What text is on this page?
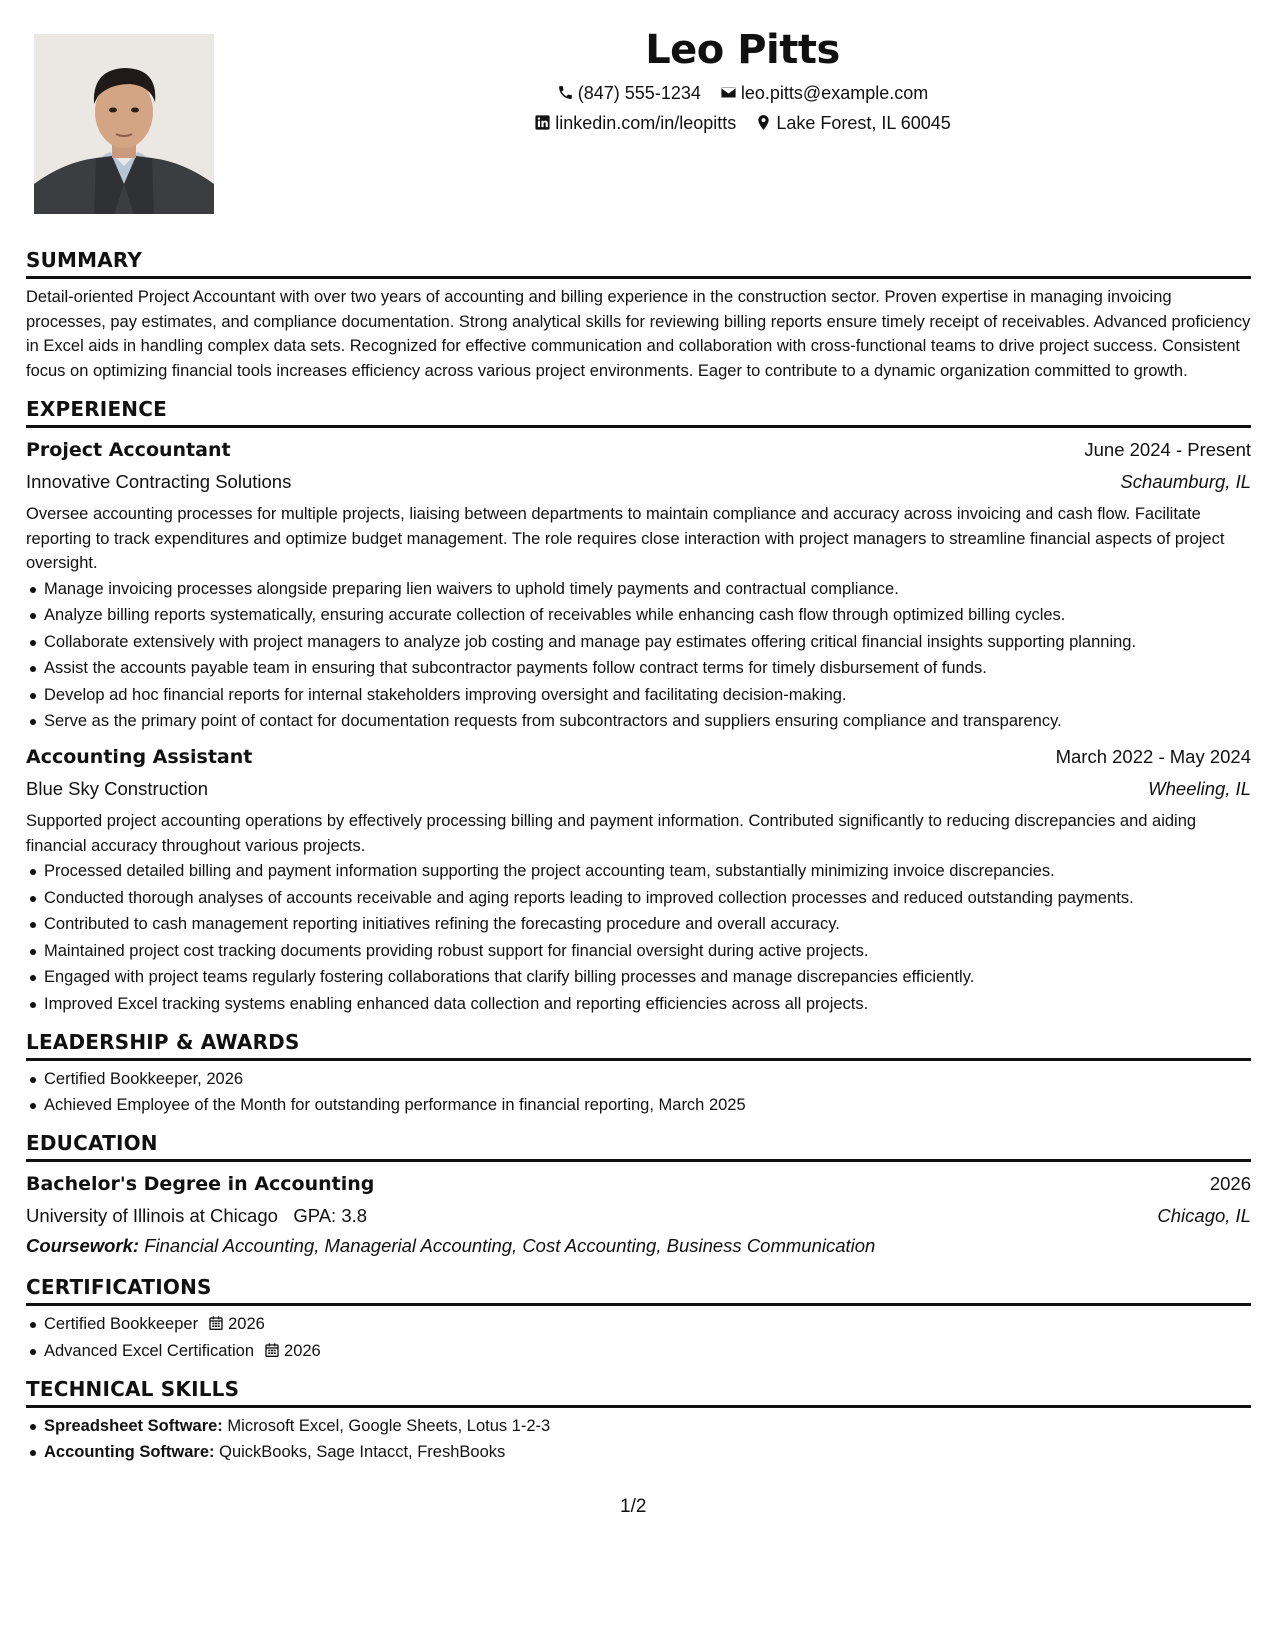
Leo Pitts
(847) 555-1234 leo.pitts@example.com
linkedin.com/in/leopitts Lake Forest, IL 60045
SUMMARY
Detail-oriented Project Accountant with over two years of accounting and billing experience in the construction sector. Proven expertise in managing invoicing processes, pay estimates, and compliance documentation. Strong analytical skills for reviewing billing reports ensure timely receipt of receivables. Advanced proficiency in Excel aids in handling complex data sets. Recognized for effective communication and collaboration with cross-functional teams to drive project success. Consistent focus on optimizing financial tools increases efficiency across various project environments. Eager to contribute to a dynamic organization committed to growth.
EXPERIENCE
Project Accountant	June 2024 - Present
Innovative Contracting Solutions	Schaumburg, IL
Oversee accounting processes for multiple projects, liaising between departments to maintain compliance and accuracy across invoicing and cash flow. Facilitate reporting to track expenditures and optimize budget management. The role requires close interaction with project managers to streamline financial aspects of project oversight.
Manage invoicing processes alongside preparing lien waivers to uphold timely payments and contractual compliance.
Analyze billing reports systematically, ensuring accurate collection of receivables while enhancing cash flow through optimized billing cycles.
Collaborate extensively with project managers to analyze job costing and manage pay estimates offering critical financial insights supporting planning.
Assist the accounts payable team in ensuring that subcontractor payments follow contract terms for timely disbursement of funds.
Develop ad hoc financial reports for internal stakeholders improving oversight and facilitating decision-making.
Serve as the primary point of contact for documentation requests from subcontractors and suppliers ensuring compliance and transparency.
Accounting Assistant	March 2022 - May 2024
Blue Sky Construction	Wheeling, IL
Supported project accounting operations by effectively processing billing and payment information. Contributed significantly to reducing discrepancies and aiding financial accuracy throughout various projects.
Processed detailed billing and payment information supporting the project accounting team, substantially minimizing invoice discrepancies.
Conducted thorough analyses of accounts receivable and aging reports leading to improved collection processes and reduced outstanding payments.
Contributed to cash management reporting initiatives refining the forecasting procedure and overall accuracy.
Maintained project cost tracking documents providing robust support for financial oversight during active projects.
Engaged with project teams regularly fostering collaborations that clarify billing processes and manage discrepancies efficiently.
Improved Excel tracking systems enabling enhanced data collection and reporting efficiencies across all projects.
LEADERSHIP & AWARDS
Certified Bookkeeper, 2026
Achieved Employee of the Month for outstanding performance in financial reporting, March 2025
EDUCATION
Bachelor's Degree in Accounting	2026
University of Illinois at Chicago GPA: 3.8	Chicago, IL
Coursework: Financial Accounting, Managerial Accounting, Cost Accounting, Business Communication
CERTIFICATIONS
Certified Bookkeeper 2026
Advanced Excel Certification 2026
TECHNICAL SKILLS
Spreadsheet Software: Microsoft Excel, Google Sheets, Lotus 1-2-3
Accounting Software: QuickBooks, Sage Intacct, FreshBooks
1/2
